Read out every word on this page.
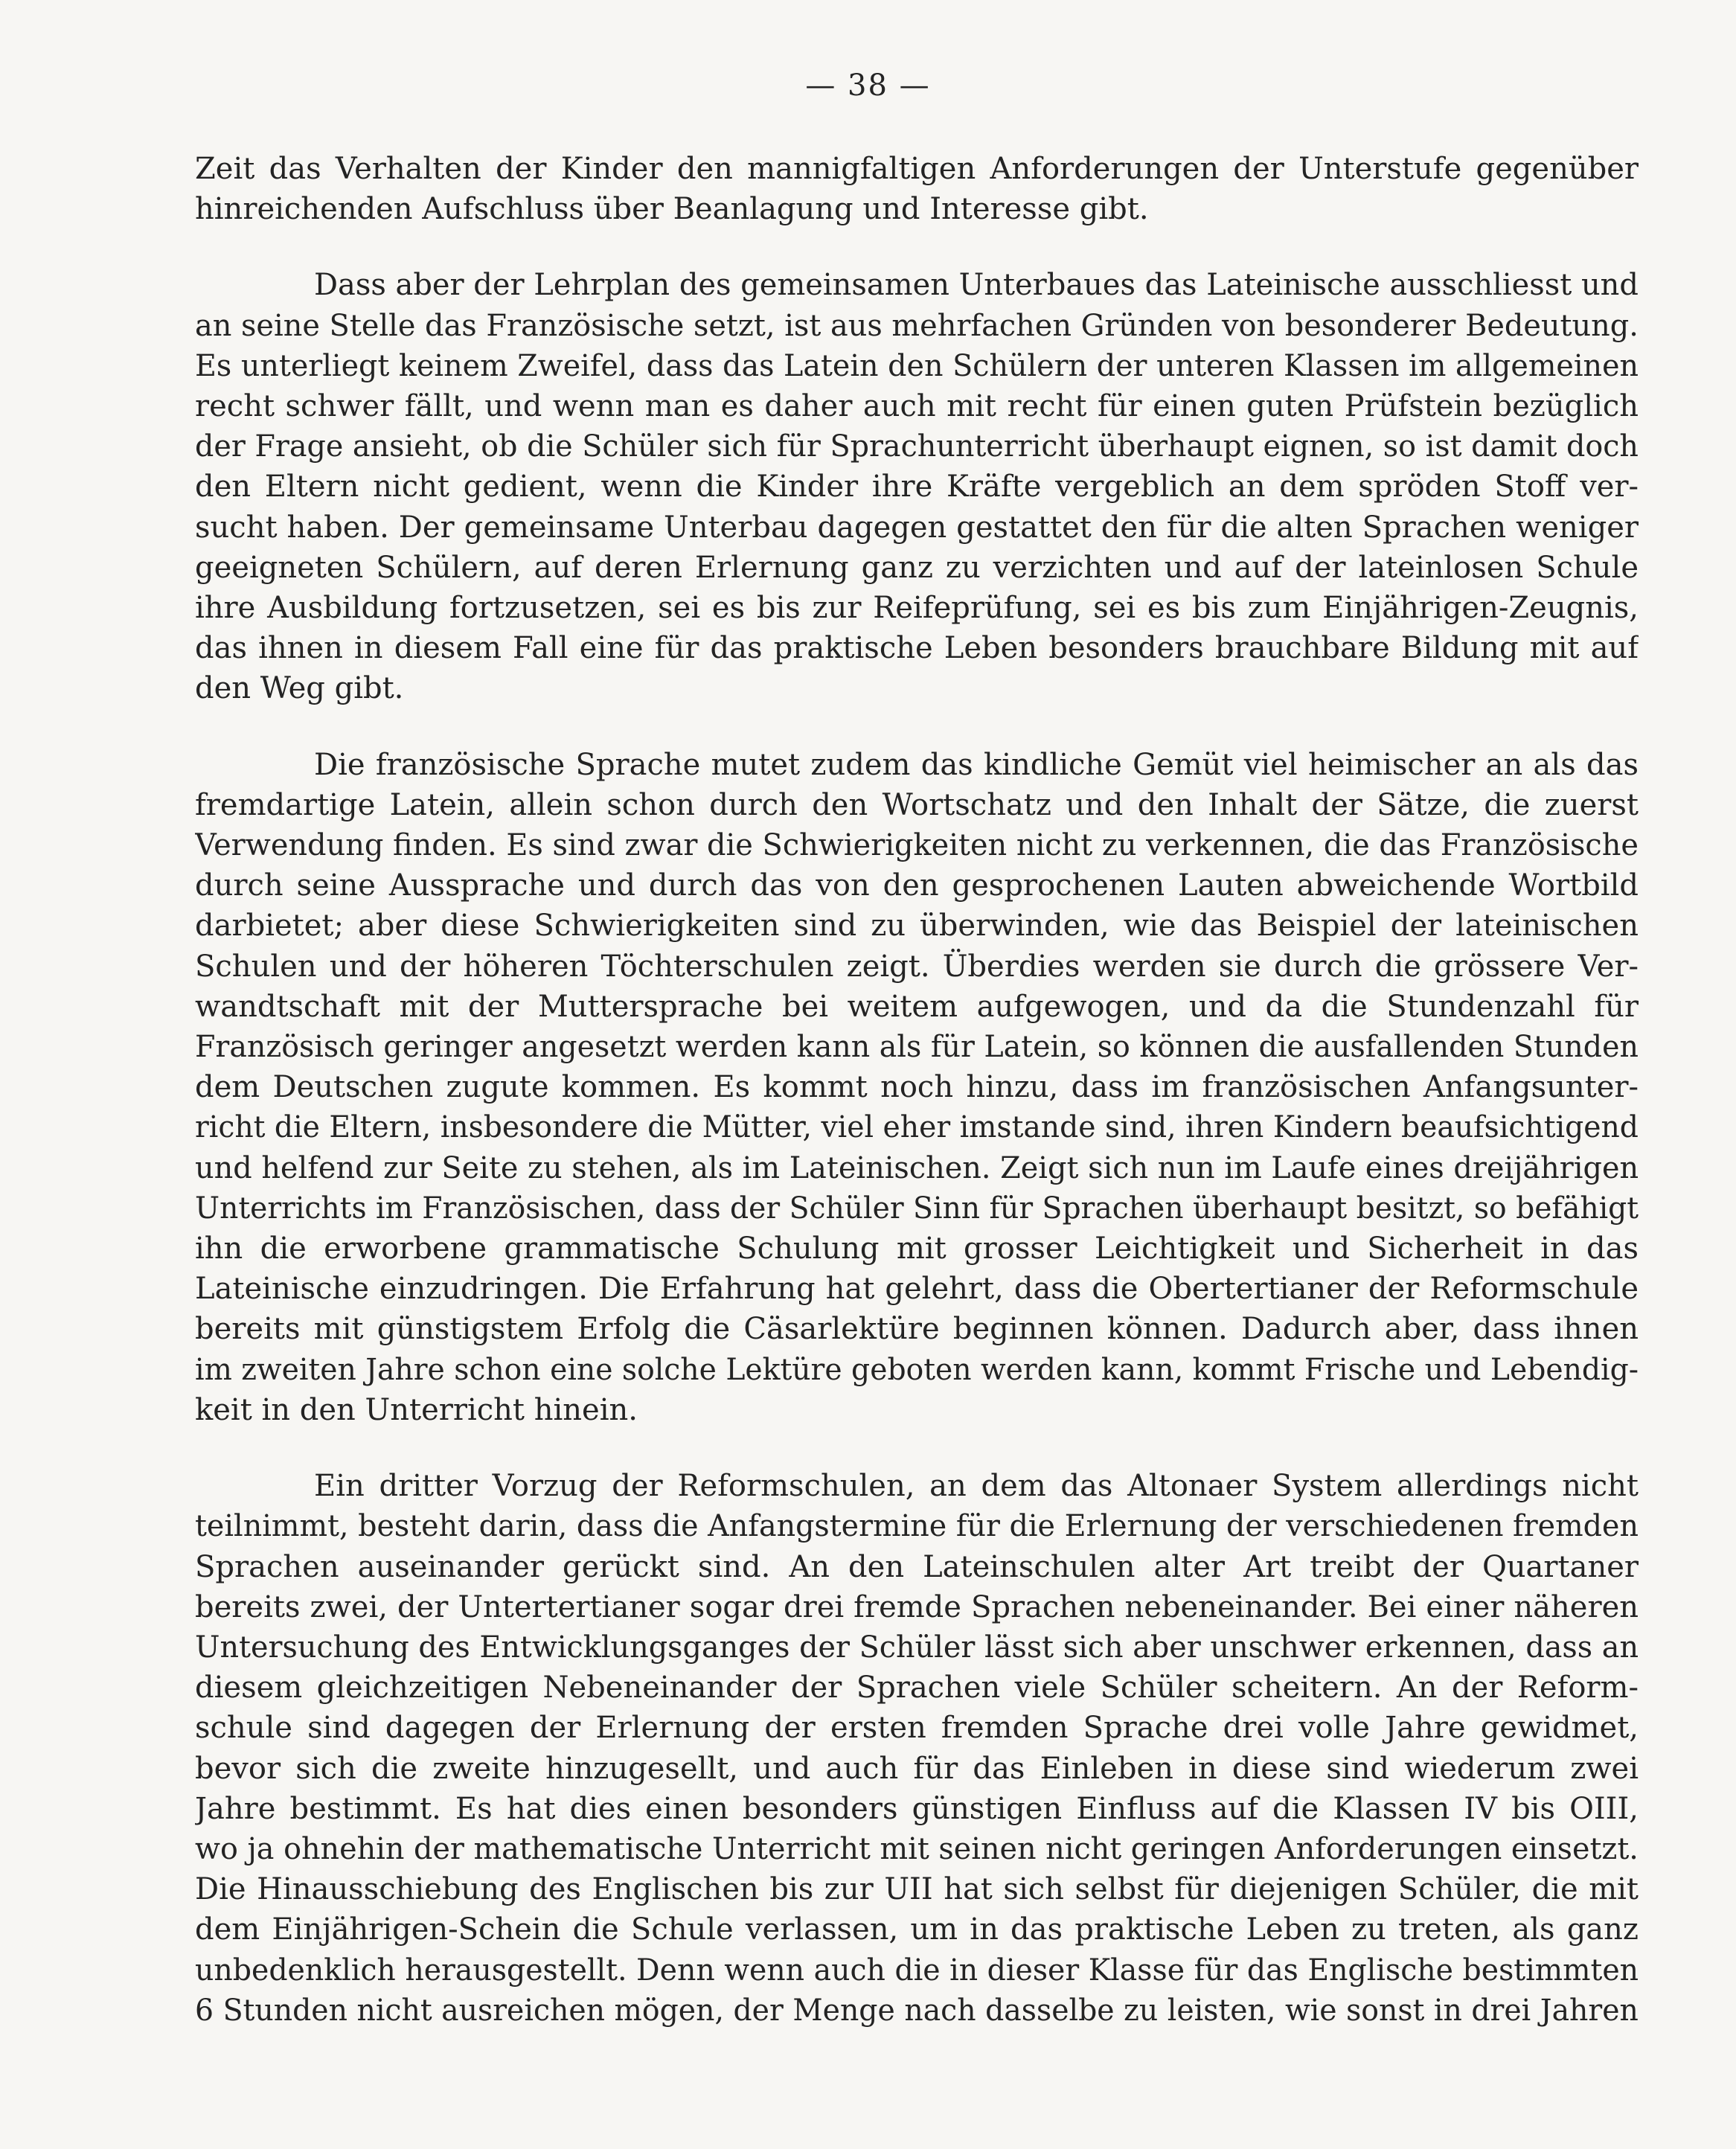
— 38 —

Zeit das Verhalten der Kinder den mannigfaltigen Anforderungen der Unterstufe gegenüber
hinreichenden Aufschluss über Beanlagung und Interesse gibt.

Dass aber der Lehrplan des gemeinsamen Unterbaues das Lateinische ausschliesst und
an seine Stelle das Französische setzt, ist aus mehrfachen Gründen von besonderer Bedeutung.
Es unterliegt keinem Zweifel, dass das Latein den Schülern der unteren Klassen im allgemeinen
recht schwer fällt, und wenn man es daher auch mit recht für einen guten Prüfstein bezüglich
der Frage ansieht, ob die Schüler sich für Sprachunterricht überhaupt eignen, so ist damit doch
den Eltern nicht gedient, wenn die Kinder ihre Kräfte vergeblich an dem spröden Stoff ver-
sucht haben. Der gemeinsame Unterbau dagegen gestattet den für die alten Sprachen weniger
geeigneten Schülern, auf deren Erlernung ganz zu verzichten und auf der lateinlosen Schule
ihre Ausbildung fortzusetzen, sei es bis zur Reifeprüfung, sei es bis zum Einjährigen-Zeugnis,
das ihnen in diesem Fall eine für das praktische Leben besonders brauchbare Bildung mit auf
den Weg gibt.

Die französische Sprache mutet zudem das kindliche Gemüt viel heimischer an als das
fremdartige Latein, allein schon durch den Wortschatz und den Inhalt der Sätze, die zuerst
Verwendung finden. Es sind zwar die Schwierigkeiten nicht zu verkennen, die das Französische
durch seine Aussprache und durch das von den gesprochenen Lauten abweichende Wortbild
darbietet; aber diese Schwierigkeiten sind zu überwinden, wie das Beispiel der lateinischen
Schulen und der höheren Töchterschulen zeigt. Überdies werden sie durch die grössere Ver-
wandtschaft mit der Muttersprache bei weitem aufgewogen, und da die Stundenzahl für
Französisch geringer angesetzt werden kann als für Latein, so können die ausfallenden Stunden
dem Deutschen zugute kommen. Es kommt noch hinzu, dass im französischen Anfangsunter-
richt die Eltern, insbesondere die Mütter, viel eher imstande sind, ihren Kindern beaufsichtigend
und helfend zur Seite zu stehen, als im Lateinischen. Zeigt sich nun im Laufe eines dreijährigen
Unterrichts im Französischen, dass der Schüler Sinn für Sprachen überhaupt besitzt, so befähigt
ihn die erworbene grammatische Schulung mit grosser Leichtigkeit und Sicherheit in das
Lateinische einzudringen. Die Erfahrung hat gelehrt, dass die Obertertianer der Reformschule
bereits mit günstigstem Erfolg die Cäsarlektüre beginnen können. Dadurch aber, dass ihnen
im zweiten Jahre schon eine solche Lektüre geboten werden kann, kommt Frische und Lebendig-
keit in den Unterricht hinein.

Ein dritter Vorzug der Reformschulen, an dem das Altonaer System allerdings nicht
teilnimmt, besteht darin, dass die Anfangstermine für die Erlernung der verschiedenen fremden
Sprachen auseinander gerückt sind. An den Lateinschulen alter Art treibt der Quartaner
bereits zwei, der Untertertianer sogar drei fremde Sprachen nebeneinander. Bei einer näheren
Untersuchung des Entwicklungsganges der Schüler lässt sich aber unschwer erkennen, dass an
diesem gleichzeitigen Nebeneinander der Sprachen viele Schüler scheitern. An der Reform-
schule sind dagegen der Erlernung der ersten fremden Sprache drei volle Jahre gewidmet,
bevor sich die zweite hinzugesellt, und auch für das Einleben in diese sind wiederum zwei
Jahre bestimmt. Es hat dies einen besonders günstigen Einfluss auf die Klassen IV bis OIII,
wo ja ohnehin der mathematische Unterricht mit seinen nicht geringen Anforderungen einsetzt.
Die Hinausschiebung des Englischen bis zur UII hat sich selbst für diejenigen Schüler, die mit
dem Einjährigen-Schein die Schule verlassen, um in das praktische Leben zu treten, als ganz
unbedenklich herausgestellt. Denn wenn auch die in dieser Klasse für das Englische bestimmten
6 Stunden nicht ausreichen mögen, der Menge nach dasselbe zu leisten, wie sonst in drei Jahren
